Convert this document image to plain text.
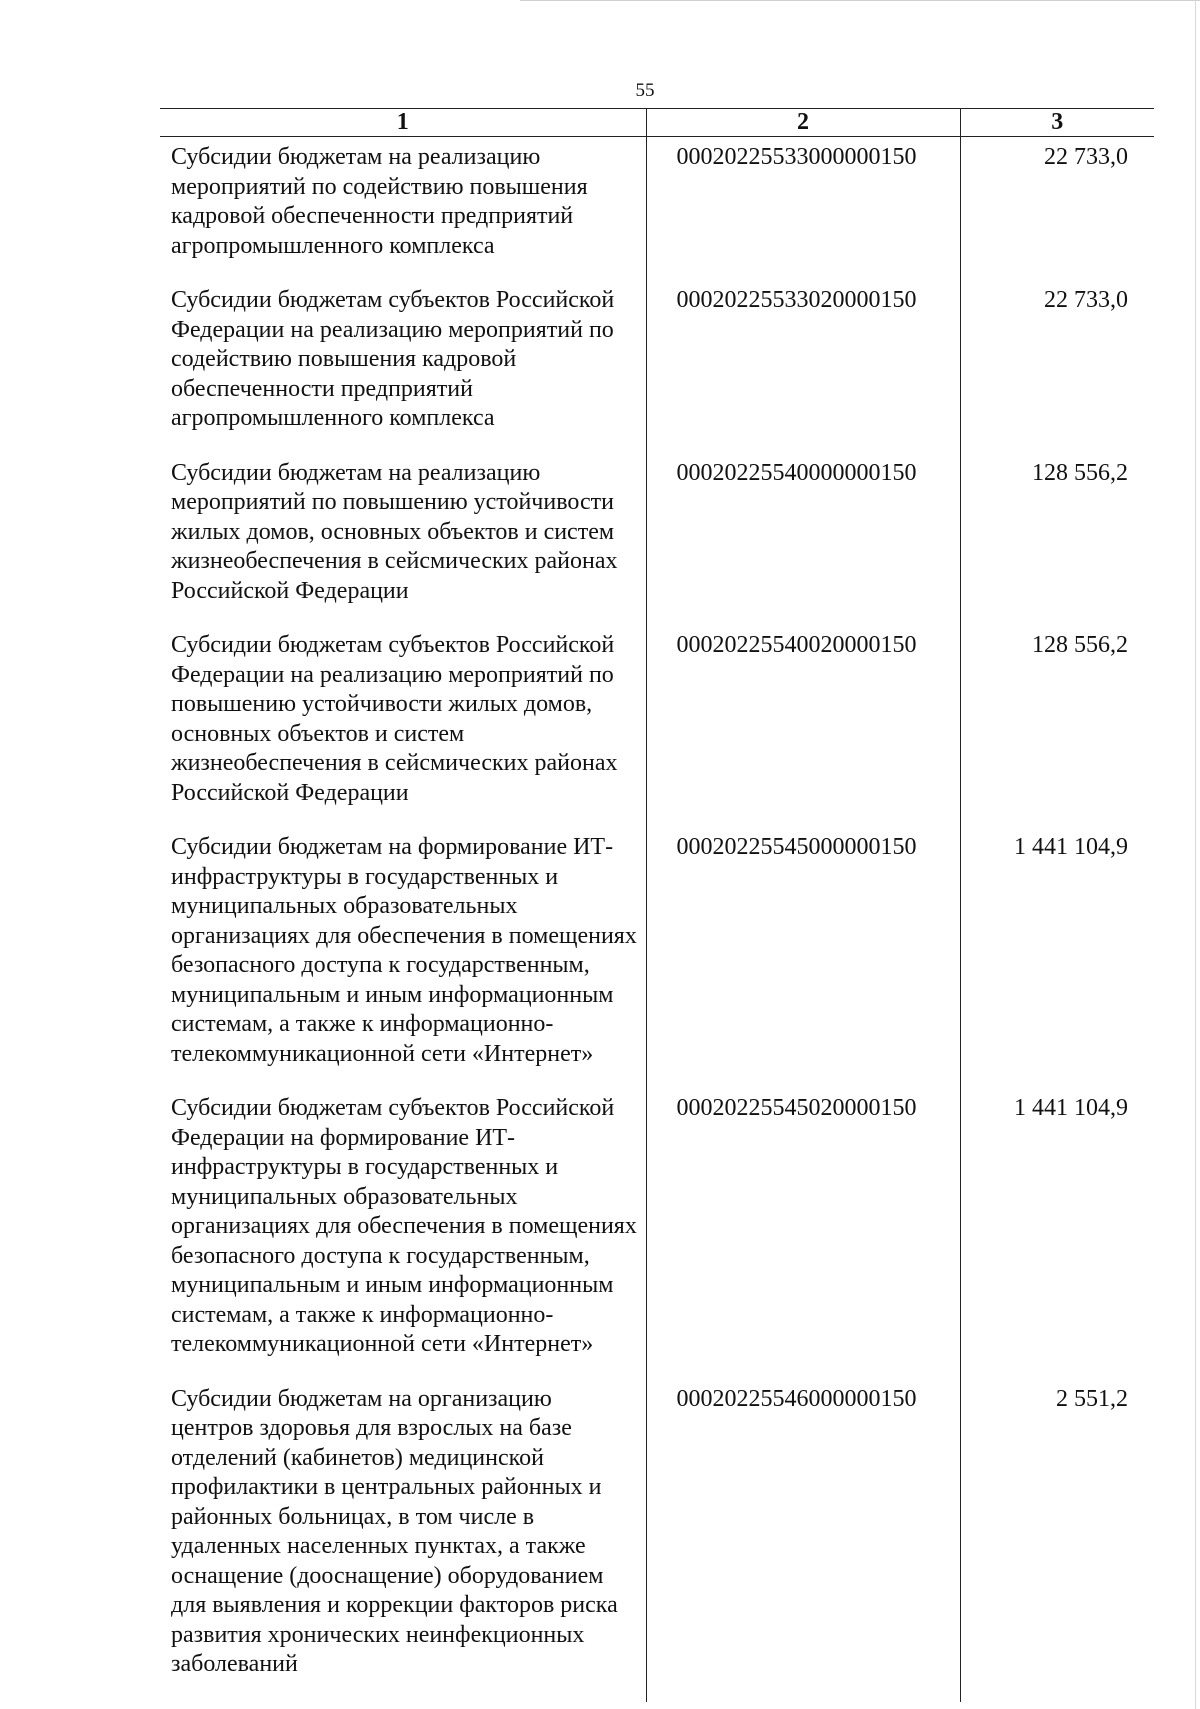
55
1	2	3
Субсидии бюджетам на реализацию мероприятий по содействию повышения кадровой обеспеченности предприятий агропромышленного комплекса	00020225533000000150	22 733,0
Субсидии бюджетам субъектов Российской Федерации на реализацию мероприятий по содействию повышения кадровой обеспеченности предприятий агропромышленного комплекса	00020225533020000150	22 733,0
Субсидии бюджетам на реализацию мероприятий по повышению устойчивости жилых домов, основных объектов и систем жизнеобеспечения в сейсмических районах Российской Федерации	00020225540000000150	128 556,2
Субсидии бюджетам субъектов Российской Федерации на реализацию мероприятий по повышению устойчивости жилых домов, основных объектов и систем жизнеобеспечения в сейсмических районах Российской Федерации	00020225540020000150	128 556,2
Субсидии бюджетам на формирование ИТ-инфраструктуры в государственных и муниципальных образовательных организациях для обеспечения в помещениях безопасного доступа к государственным, муниципальным и иным информационным системам, а также к информационно-телекоммуникационной сети «Интернет»	00020225545000000150	1 441 104,9
Субсидии бюджетам субъектов Российской Федерации на формирование ИТ-инфраструктуры в государственных и муниципальных образовательных организациях для обеспечения в помещениях безопасного доступа к государственным, муниципальным и иным информационным системам, а также к информационно-телекоммуникационной сети «Интернет»	00020225545020000150	1 441 104,9
Субсидии бюджетам на организацию центров здоровья для взрослых на базе отделений (кабинетов) медицинской профилактики в центральных районных и районных больницах, в том числе в удаленных населенных пунктах, а также оснащение (дооснащение) оборудованием для выявления и коррекции факторов риска развития хронических неинфекционных заболеваний	00020225546000000150	2 551,2
